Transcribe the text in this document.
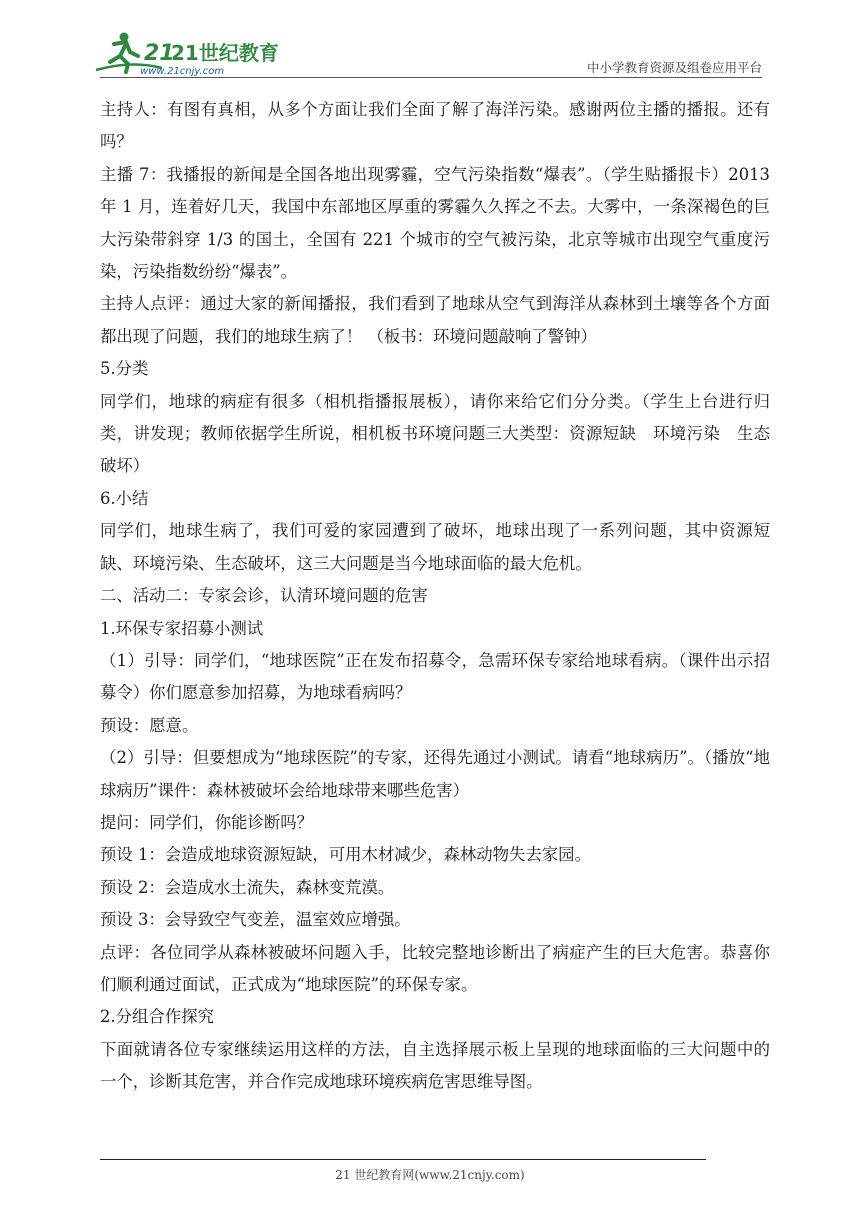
21
21世纪教育
www.21cnjy.com	中小学教育资源及组卷应用平台

主持人：有图有真相，从多个方面让我们全面了解了海洋污染。感谢两位主播的播报。还有吗？

主播 7：我播报的新闻是全国各地出现雾霾，空气污染指数“爆表”。（学生贴播报卡）2013 年 1 月，连着好几天，我国中东部地区厚重的雾霾久久挥之不去。大雾中，一条深褐色的巨大污染带斜穿 1/3 的国土，全国有 221 个城市的空气被污染，北京等城市出现空气重度污染，污染指数纷纷“爆表”。

主持人点评：通过大家的新闻播报，我们看到了地球从空气到海洋从森林到土壤等各个方面都出现了问题，我们的地球生病了！ （板书：环境问题敲响了警钟）

5.分类

同学们，地球的病症有很多（相机指播报展板），请你来给它们分分类。（学生上台进行归类，讲发现；教师依据学生所说，相机板书环境问题三大类型：资源短缺　环境污染　生态破坏）

6.小结

同学们，地球生病了，我们可爱的家园遭到了破坏，地球出现了一系列问题，其中资源短缺、环境污染、生态破坏，这三大问题是当今地球面临的最大危机。

二、活动二：专家会诊，认清环境问题的危害

1.环保专家招募小测试

（1）引导：同学们，“地球医院”正在发布招募令，急需环保专家给地球看病。（课件出示招募令）你们愿意参加招募，为地球看病吗？

预设：愿意。

（2）引导：但要想成为“地球医院”的专家，还得先通过小测试。请看“地球病历”。（播放“地球病历”课件：森林被破坏会给地球带来哪些危害）

提问：同学们，你能诊断吗？

预设 1：会造成地球资源短缺，可用木材减少，森林动物失去家园。

预设 2：会造成水土流失，森林变荒漠。

预设 3：会导致空气变差，温室效应增强。

点评：各位同学从森林被破坏问题入手，比较完整地诊断出了病症产生的巨大危害。恭喜你们顺利通过面试，正式成为“地球医院”的环保专家。

2.分组合作探究

下面就请各位专家继续运用这样的方法，自主选择展示板上呈现的地球面临的三大问题中的一个，诊断其危害，并合作完成地球环境疾病危害思维导图。

21 世纪教育网(www.21cnjy.com)
